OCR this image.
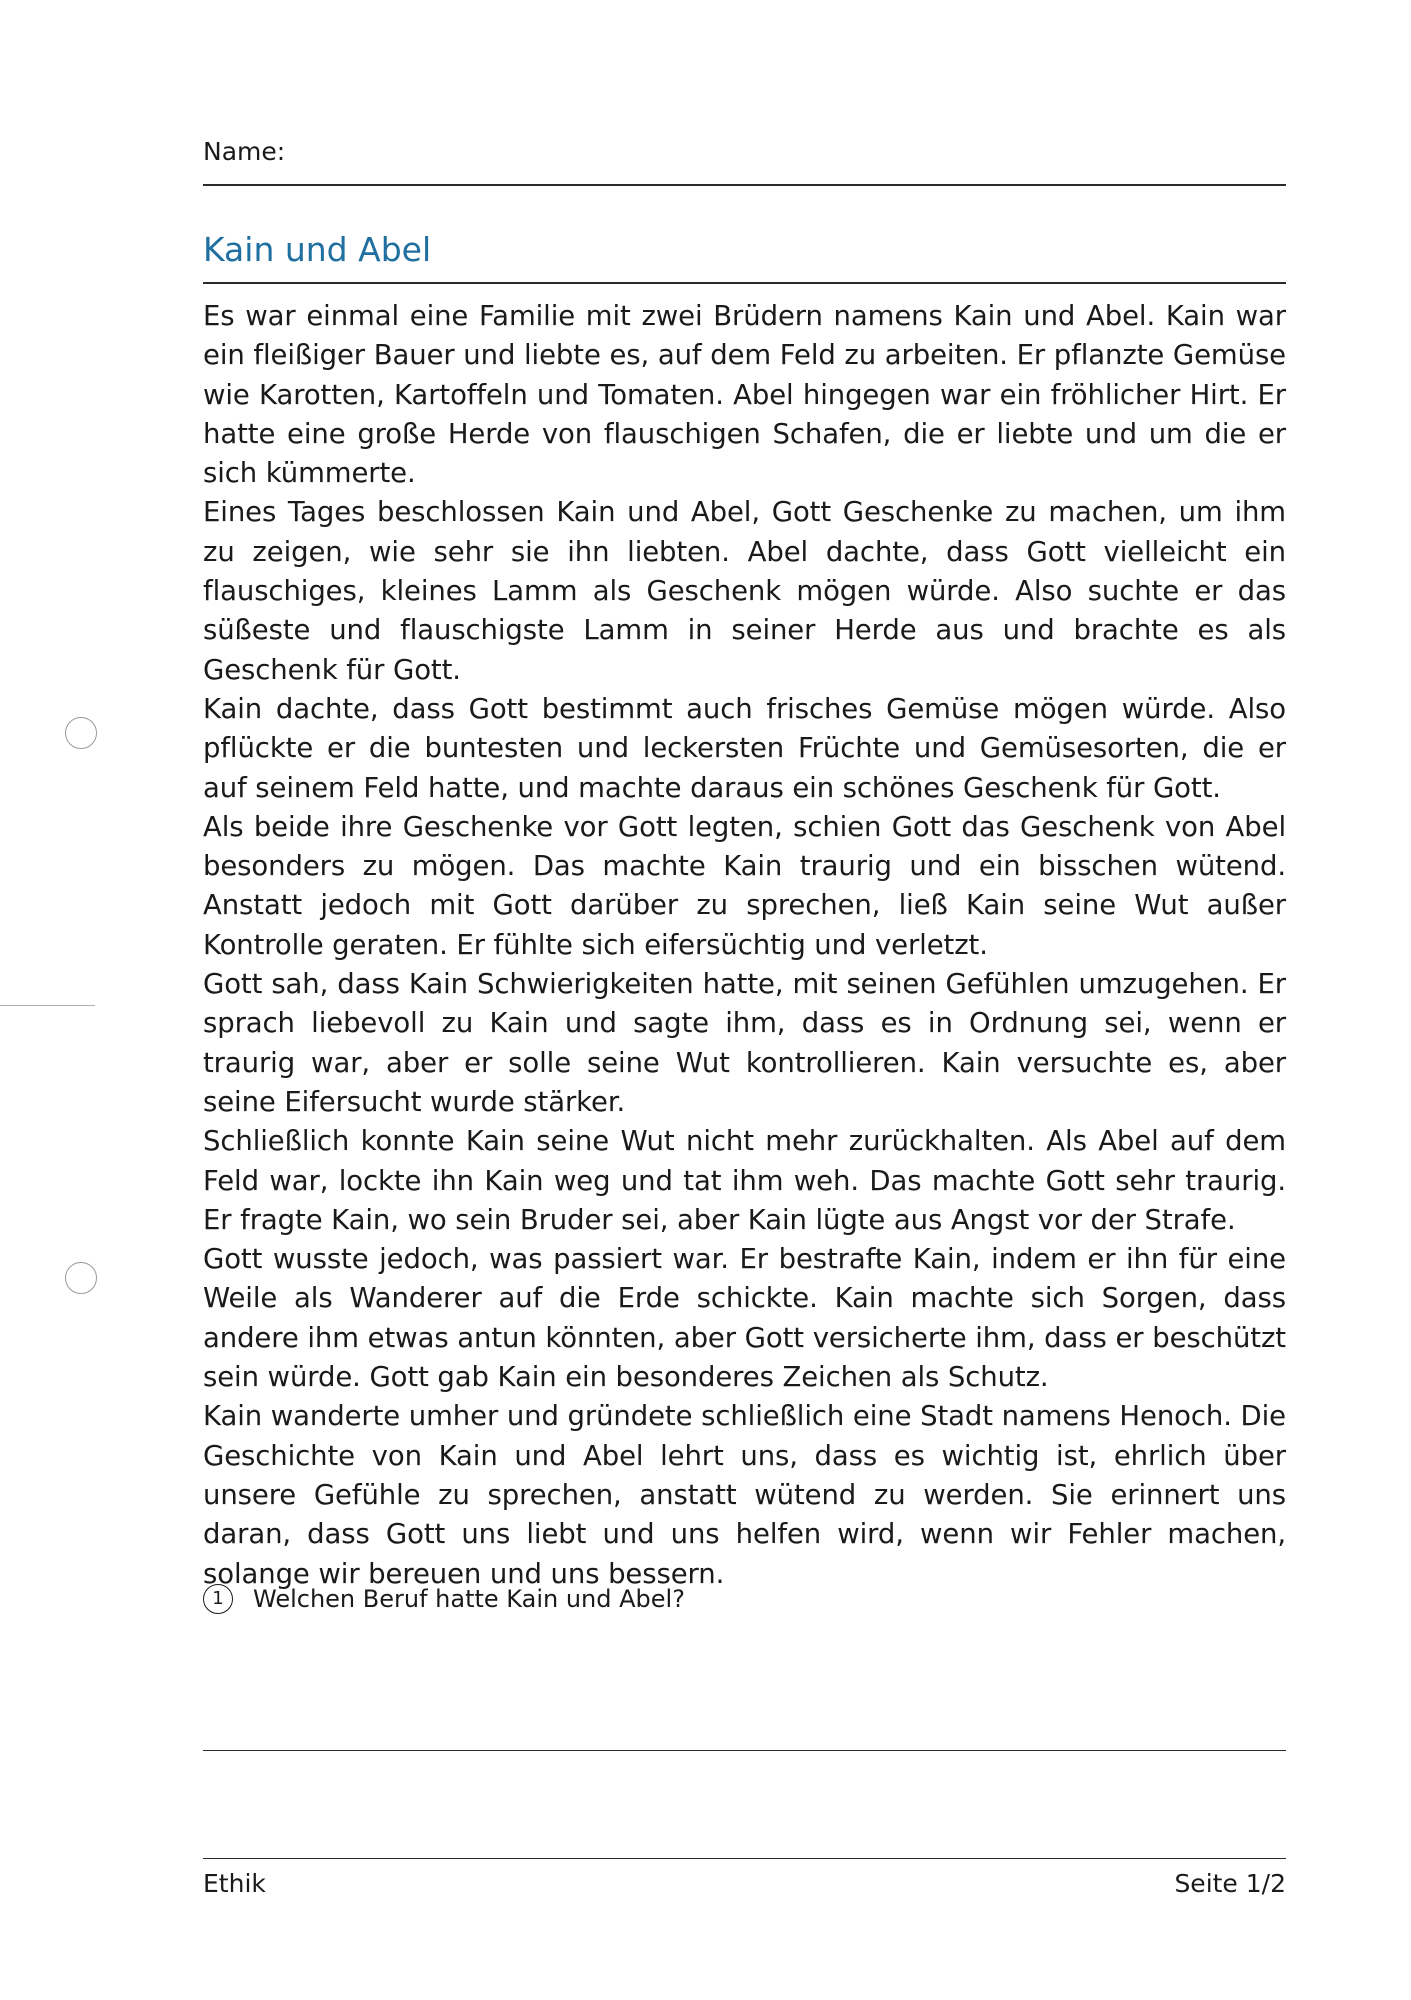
Name:
Kain und Abel

Es war einmal eine Familie mit zwei Brüdern namens Kain und Abel. Kain war ein fleißiger Bauer und liebte es, auf dem Feld zu arbeiten. Er pflanzte Gemüse wie Karotten, Kartoffeln und Tomaten. Abel hingegen war ein fröhlicher Hirt. Er hatte eine große Herde von flauschigen Schafen, die er liebte und um die er sich kümmerte.

Eines Tages beschlossen Kain und Abel, Gott Geschenke zu machen, um ihm zu zeigen, wie sehr sie ihn liebten. Abel dachte, dass Gott vielleicht ein flauschiges, kleines Lamm als Geschenk mögen würde. Also suchte er das süßeste und flauschigste Lamm in seiner Herde aus und brachte es als Geschenk für Gott.

Kain dachte, dass Gott bestimmt auch frisches Gemüse mögen würde. Also pflückte er die buntesten und leckersten Früchte und Gemüsesorten, die er auf seinem Feld hatte, und machte daraus ein schönes Geschenk für Gott.

Als beide ihre Geschenke vor Gott legten, schien Gott das Geschenk von Abel besonders zu mögen. Das machte Kain traurig und ein bisschen wütend. Anstatt jedoch mit Gott darüber zu sprechen, ließ Kain seine Wut außer Kontrolle geraten. Er fühlte sich eifersüchtig und verletzt.

Gott sah, dass Kain Schwierigkeiten hatte, mit seinen Gefühlen umzugehen. Er sprach liebevoll zu Kain und sagte ihm, dass es in Ordnung sei, wenn er traurig war, aber er solle seine Wut kontrollieren. Kain versuchte es, aber seine Eifersucht wurde stärker.

Schließlich konnte Kain seine Wut nicht mehr zurückhalten. Als Abel auf dem Feld war, lockte ihn Kain weg und tat ihm weh. Das machte Gott sehr traurig. Er fragte Kain, wo sein Bruder sei, aber Kain lügte aus Angst vor der Strafe.

Gott wusste jedoch, was passiert war. Er bestrafte Kain, indem er ihn für eine Weile als Wanderer auf die Erde schickte. Kain machte sich Sorgen, dass andere ihm etwas antun könnten, aber Gott versicherte ihm, dass er beschützt sein würde. Gott gab Kain ein besonderes Zeichen als Schutz.

Kain wanderte umher und gründete schließlich eine Stadt namens Henoch. Die Geschichte von Kain und Abel lehrt uns, dass es wichtig ist, ehrlich über unsere Gefühle zu sprechen, anstatt wütend zu werden. Sie erinnert uns daran, dass Gott uns liebt und uns helfen wird, wenn wir Fehler machen, solange wir bereuen und uns bessern.

1	Welchen Beruf hatte Kain und Abel?
Ethik	Seite 1/2
